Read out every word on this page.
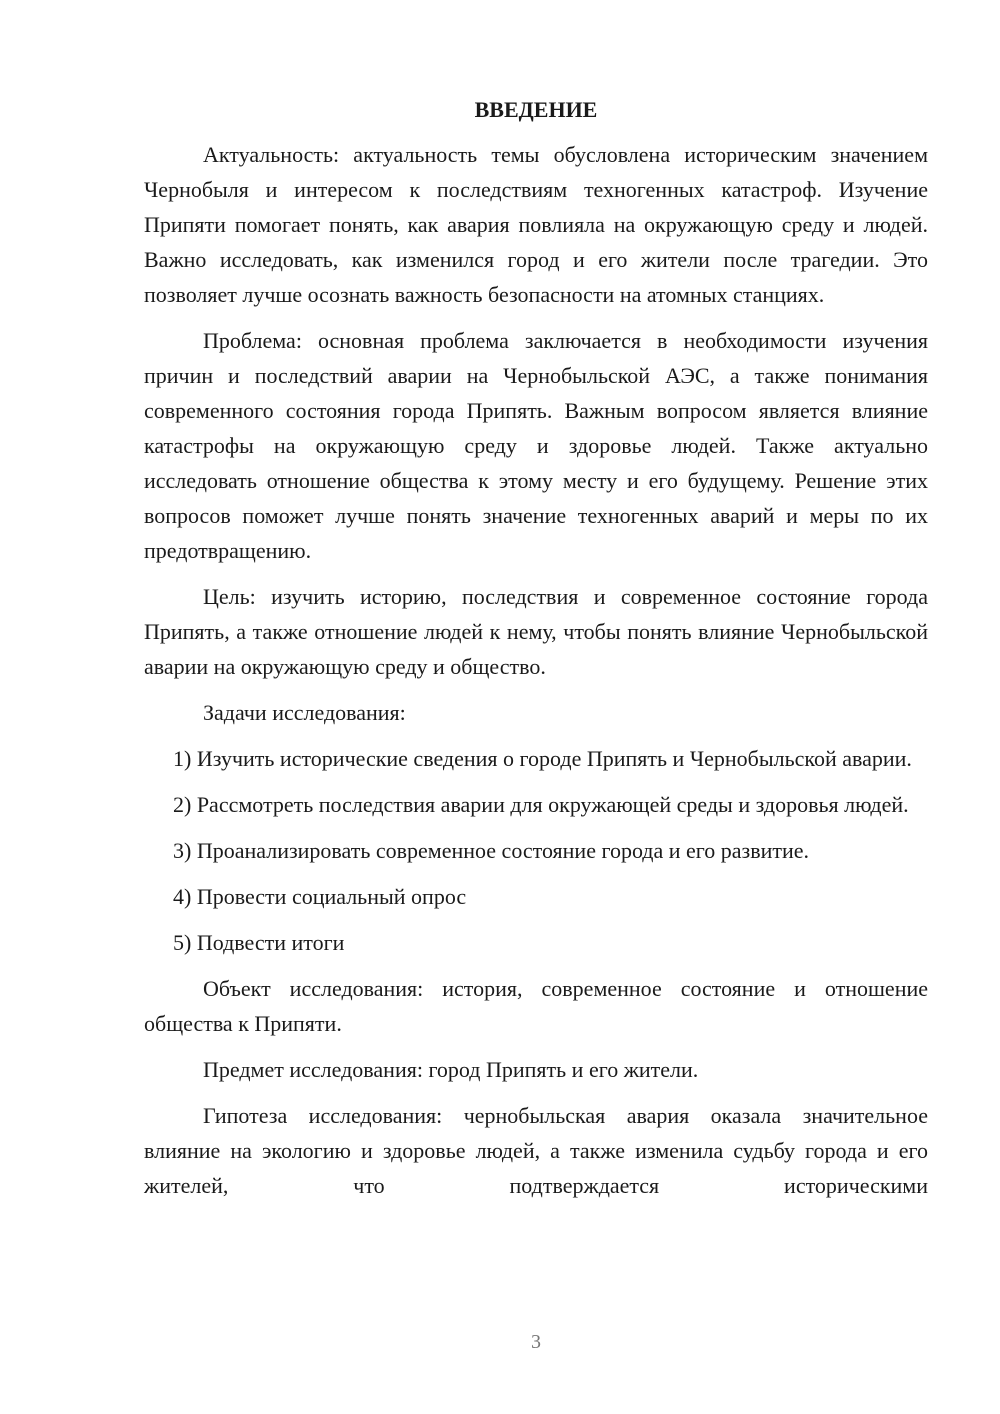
ВВЕДЕНИЕ

Актуальность: актуальность темы обусловлена историческим значением Чернобыля и интересом к последствиям техногенных катастроф. Изучение Припяти помогает понять, как авария повлияла на окружающую среду и людей. Важно исследовать, как изменился город и его жители после трагедии. Это позволяет лучше осознать важность безопасности на атомных станциях.

Проблема: основная проблема заключается в необходимости изучения причин и последствий аварии на Чернобыльской АЭС, а также понимания современного состояния города Припять. Важным вопросом является влияние катастрофы на окружающую среду и здоровье людей. Также актуально исследовать отношение общества к этому месту и его будущему. Решение этих вопросов поможет лучше понять значение техногенных аварий и меры по их предотвращению.

Цель: изучить историю, последствия и современное состояние города Припять, а также отношение людей к нему, чтобы понять влияние Чернобыльской аварии на окружающую среду и общество.

Задачи исследования:

1) Изучить исторические сведения о городе Припять и Чернобыльской аварии.

2) Рассмотреть последствия аварии для окружающей среды и здоровья людей.

3) Проанализировать современное состояние города и его развитие.

4) Провести социальный опрос

5) Подвести итоги

Объект исследования: история, современное состояние и отношение общества к Припяти.

Предмет исследования: город Припять и его жители.

Гипотеза исследования: чернобыльская авария оказала значительное влияние на экологию и здоровье людей, а также изменила судьбу города и его жителей, что подтверждается историческими

3
